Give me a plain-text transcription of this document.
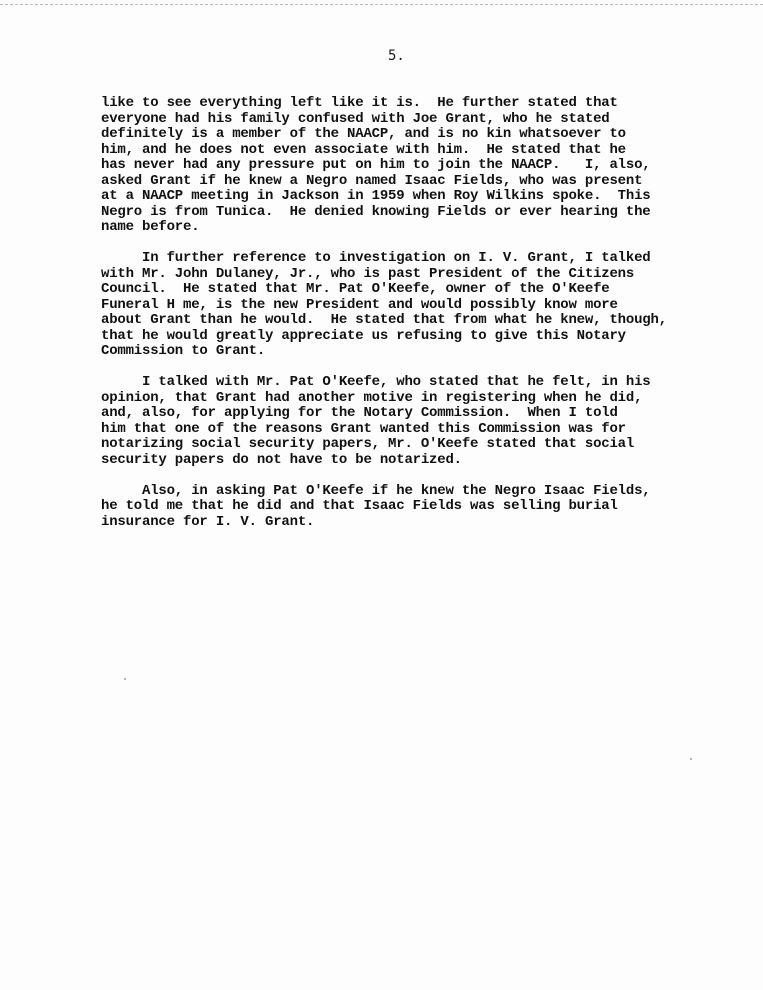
5.
like to see everything left like it is.  He further stated that
everyone had his family confused with Joe Grant, who he stated
definitely is a member of the NAACP, and is no kin whatsoever to
him, and he does not even associate with him.  He stated that he
has never had any pressure put on him to join the NAACP.   I, also,
asked Grant if he knew a Negro named Isaac Fields, who was present
at a NAACP meeting in Jackson in 1959 when Roy Wilkins spoke.  This
Negro is from Tunica.  He denied knowing Fields or ever hearing the
name before.
In further reference to investigation on I. V. Grant, I talked
with Mr. John Dulaney, Jr., who is past President of the Citizens
Council.  He stated that Mr. Pat O'Keefe, owner of the O'Keefe
Funeral H me, is the new President and would possibly know more
about Grant than he would.  He stated that from what he knew, though,
that he would greatly appreciate us refusing to give this Notary
Commission to Grant.
I talked with Mr. Pat O'Keefe, who stated that he felt, in his
opinion, that Grant had another motive in registering when he did,
and, also, for applying for the Notary Commission.  When I told
him that one of the reasons Grant wanted this Commission was for
notarizing social security papers, Mr. O'Keefe stated that social
security papers do not have to be notarized.
Also, in asking Pat O'Keefe if he knew the Negro Isaac Fields,
he told me that he did and that Isaac Fields was selling burial
insurance for I. V. Grant.
